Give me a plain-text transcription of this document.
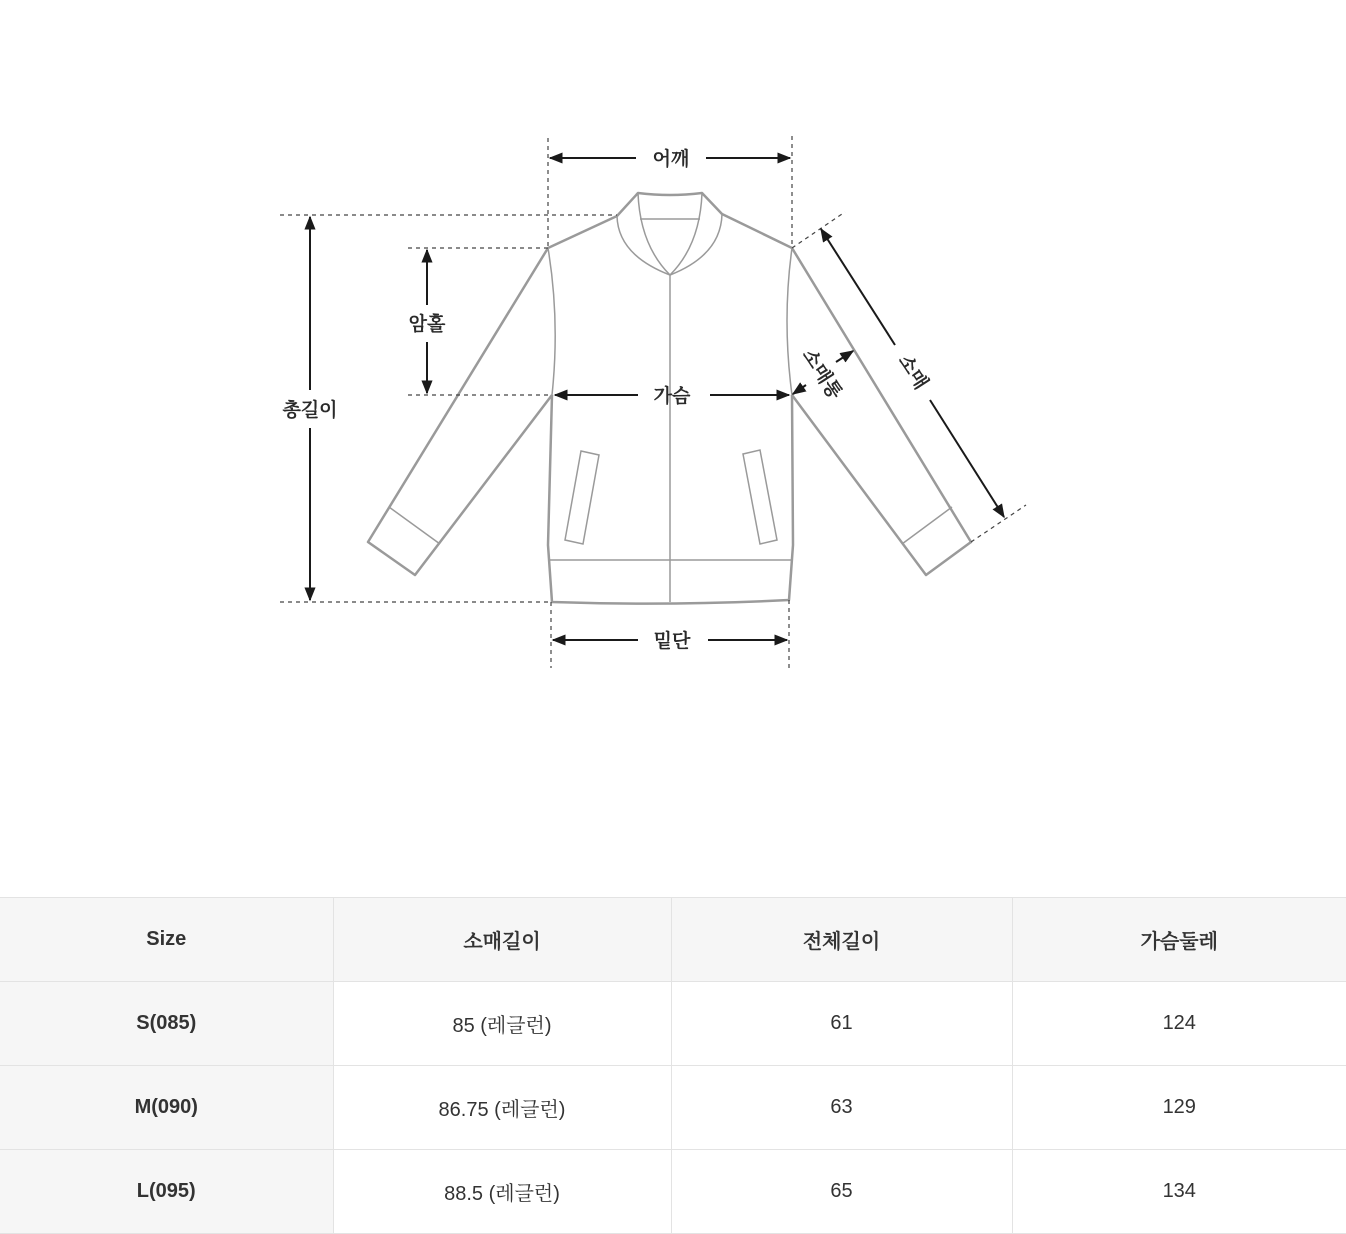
어깨
암홀
총길이
가슴
밑단
소매
소매통
Size	소매길이	전체길이	가슴둘레
S(085)	85 (레글런)	61	124
M(090)	86.75 (레글런)	63	129
L(095)	88.5 (레글런)	65	134
